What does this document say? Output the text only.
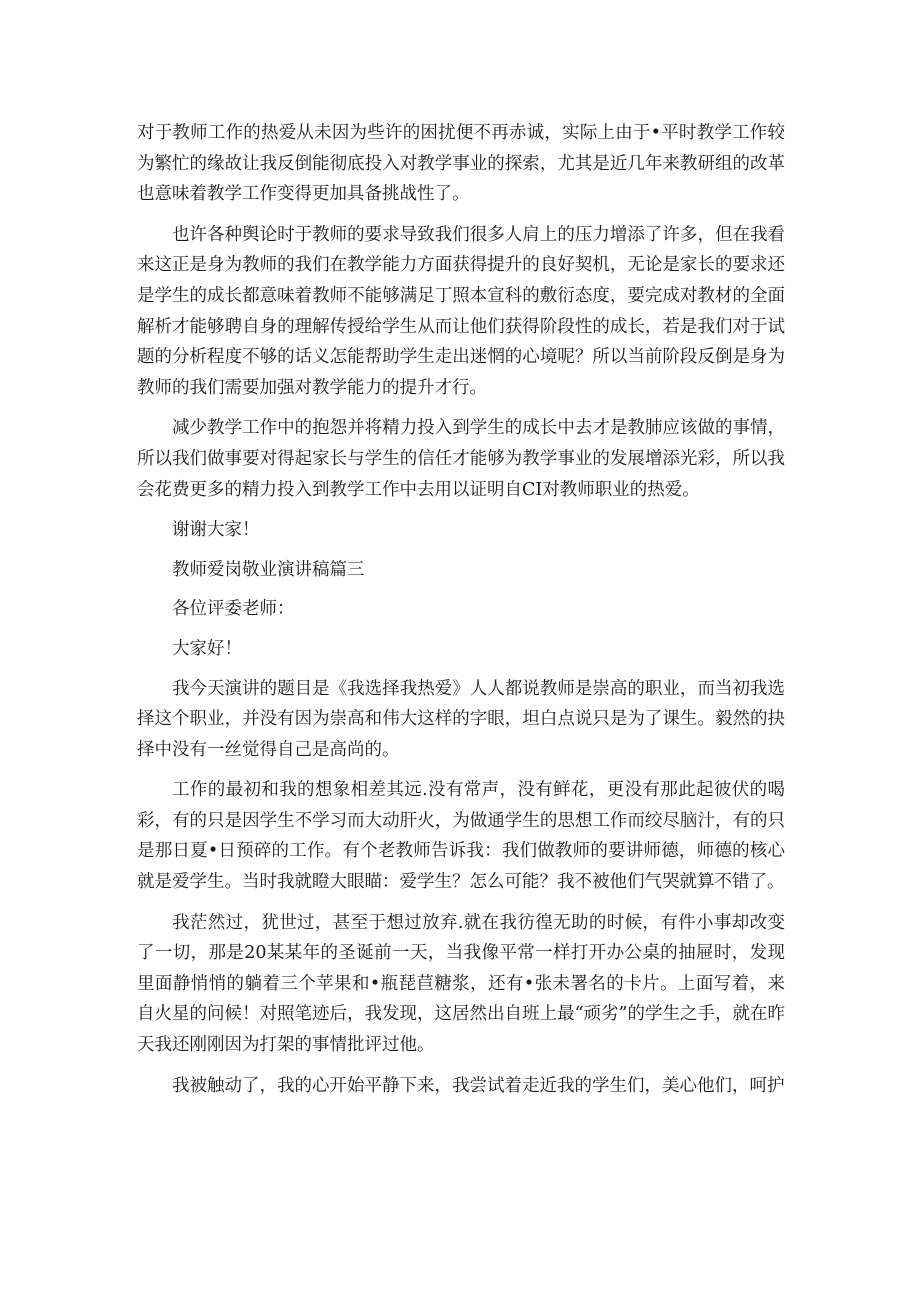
对于教师工作的热爱从未因为些许的困扰便不再赤诚，实际上由于•平时教学工作较为繁忙的缘故让我反倒能彻底投入对教学事业的探索，尤其是近几年来教研组的改革也意味着教学工作变得更加具备挑战性了。

也许各种舆论时于教师的要求导致我们很多人肩上的压力增添了许多，但在我看来这正是身为教师的我们在教学能力方面获得提升的良好契机，无论是家长的要求还是学生的成长都意味着教师不能够满足丁照本宣科的敷衍态度，要完成对教材的全面解析才能够聘自身的理解传授给学生从而让他们获得阶段性的成长，若是我们对于试题的分析程度不够的话义怎能帮助学生走出迷惘的心境呢？所以当前阶段反倒是身为教师的我们需要加强对教学能力的提升才行。

减少教学工作中的抱怨并将精力投入到学生的成长中去才是教肺应该做的事情，所以我们做事要对得起家长与学生的信任才能够为教学事业的发展增添光彩，所以我会花费更多的精力投入到教学工作中去用以证明自CI对教师职业的热爱。

谢谢大家！

教师爱岗敬业演讲稿篇三

各位评委老师：

大家好！

我今天演讲的题目是《我选择我热爱》人人都说教师是崇高的职业，而当初我选择这个职业，并没有因为崇高和伟大这样的字眼，坦白点说只是为了课生。毅然的抉择中没有一丝觉得自己是高尚的。

工作的最初和我的想象相差其远.没有常声，没有鲜花，更没有那此起彼伏的喝彩，有的只是因学生不学习而大动肝火，为做通学生的思想工作而绞尽脑汁，有的只是那日夏•日预碎的工作。有个老教师告诉我：我们做教师的要讲师德，师德的核心就是爱学生。当时我就瞪大眼瞄：爱学生？怎么可能？我不被他们气哭就算不错了。

我茫然过，犹世过，甚至于想过放弃.就在我彷徨无助的时候，有件小事却改变了一切，那是20某某年的圣诞前一天，当我像平常一样打开办公桌的抽屉时，发现里面静悄悄的躺着三个苹果和•瓶琵苣糖浆，还有•张未署名的卡片。上面写着，来自火星的问候！对照笔迹后，我发现，这居然出自班上最“顽劣”的学生之手，就在昨天我还刚刚因为打架的事情批评过他。

我被触动了，我的心开始平静下来，我尝试着走近我的学生们，美心他们，呵护
